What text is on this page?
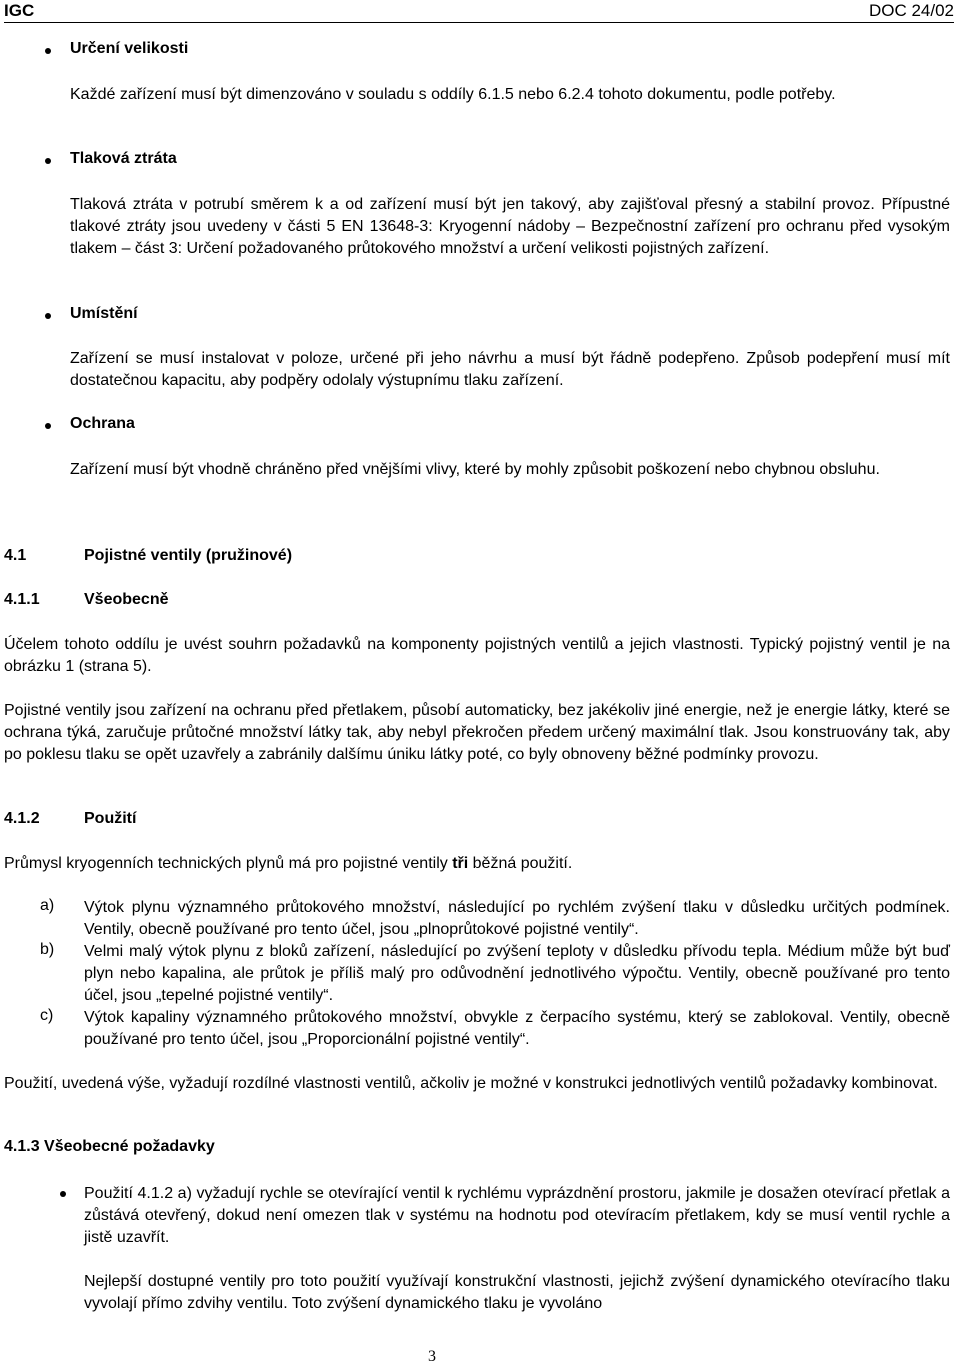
IGC	DOC 24/02
Určení velikosti
Každé zařízení musí být dimenzováno v souladu s oddíly 6.1.5 nebo 6.2.4 tohoto dokumentu, podle potřeby.
Tlaková ztráta
Tlaková ztráta v potrubí směrem k a od zařízení musí být jen takový, aby zajišťoval přesný a stabilní provoz. Přípustné tlakové ztráty jsou uvedeny v části 5 EN 13648-3: Kryogenní nádoby – Bezpečnostní zařízení pro ochranu před vysokým tlakem – část 3: Určení požadovaného průtokového množství a určení velikosti pojistných zařízení.
Umístění
Zařízení se musí instalovat v poloze, určené při jeho návrhu a musí být řádně podepřeno. Způsob podepření musí mít dostatečnou kapacitu, aby podpěry odolaly výstupnímu tlaku zařízení.
Ochrana
Zařízení musí být vhodně chráněno před vnějšími vlivy, které by mohly způsobit poškození nebo chybnou obsluhu.
4.1	Pojistné ventily (pružinové)
4.1.1	Všeobecně
Účelem tohoto oddílu je uvést souhrn požadavků na komponenty pojistných ventilů a jejich vlastnosti. Typický pojistný ventil je na obrázku 1 (strana 5).
Pojistné ventily jsou zařízení na ochranu před přetlakem, působí automaticky, bez jakékoliv jiné energie, než je energie látky, které se ochrana týká, zaručuje průtočné množství látky tak, aby nebyl překročen předem určený maximální tlak. Jsou konstruovány tak, aby po poklesu tlaku se opět uzavřely a zabránily dalšímu úniku látky poté, co byly obnoveny běžné podmínky provozu.
4.1.2	Použití
Průmysl kryogenních technických plynů má pro pojistné ventily tři běžná použití.
a) Výtok plynu významného průtokového množství, následující po rychlém zvýšení tlaku v důsledku určitých podmínek. Ventily, obecně používané pro tento účel, jsou „plnoprůtokové pojistné ventily“.
b) Velmi malý výtok plynu z bloků zařízení, následující po zvýšení teploty v důsledku přívodu tepla. Médium může být buď plyn nebo kapalina, ale průtok je příliš malý pro odůvodnění jednotlivého výpočtu. Ventily, obecně používané pro tento účel, jsou „tepelné pojistné ventily“.
c) Výtok kapaliny významného průtokového množství, obvykle z čerpacího systému, který se zablokoval. Ventily, obecně používané pro tento účel, jsou „Proporcionální pojistné ventily“.
Použití, uvedená výše, vyžadují rozdílné vlastnosti ventilů, ačkoliv je možné v konstrukci jednotlivých ventilů požadavky kombinovat.
4.1.3 Všeobecné požadavky
Použití 4.1.2 a) vyžadují rychle se otevírající ventil k rychlému vyprázdnění prostoru, jakmile je dosažen otevírací přetlak a zůstává otevřený, dokud není omezen tlak v systému na hodnotu pod otevíracím přetlakem, kdy se musí ventil rychle a jistě uzavřít.
Nejlepší dostupné ventily pro toto použití využívají konstrukční vlastnosti, jejichž zvýšení dynamického otevíracího tlaku vyvolají přímo zdvihy ventilu. Toto zvýšení dynamického tlaku je vyvoláno
3
